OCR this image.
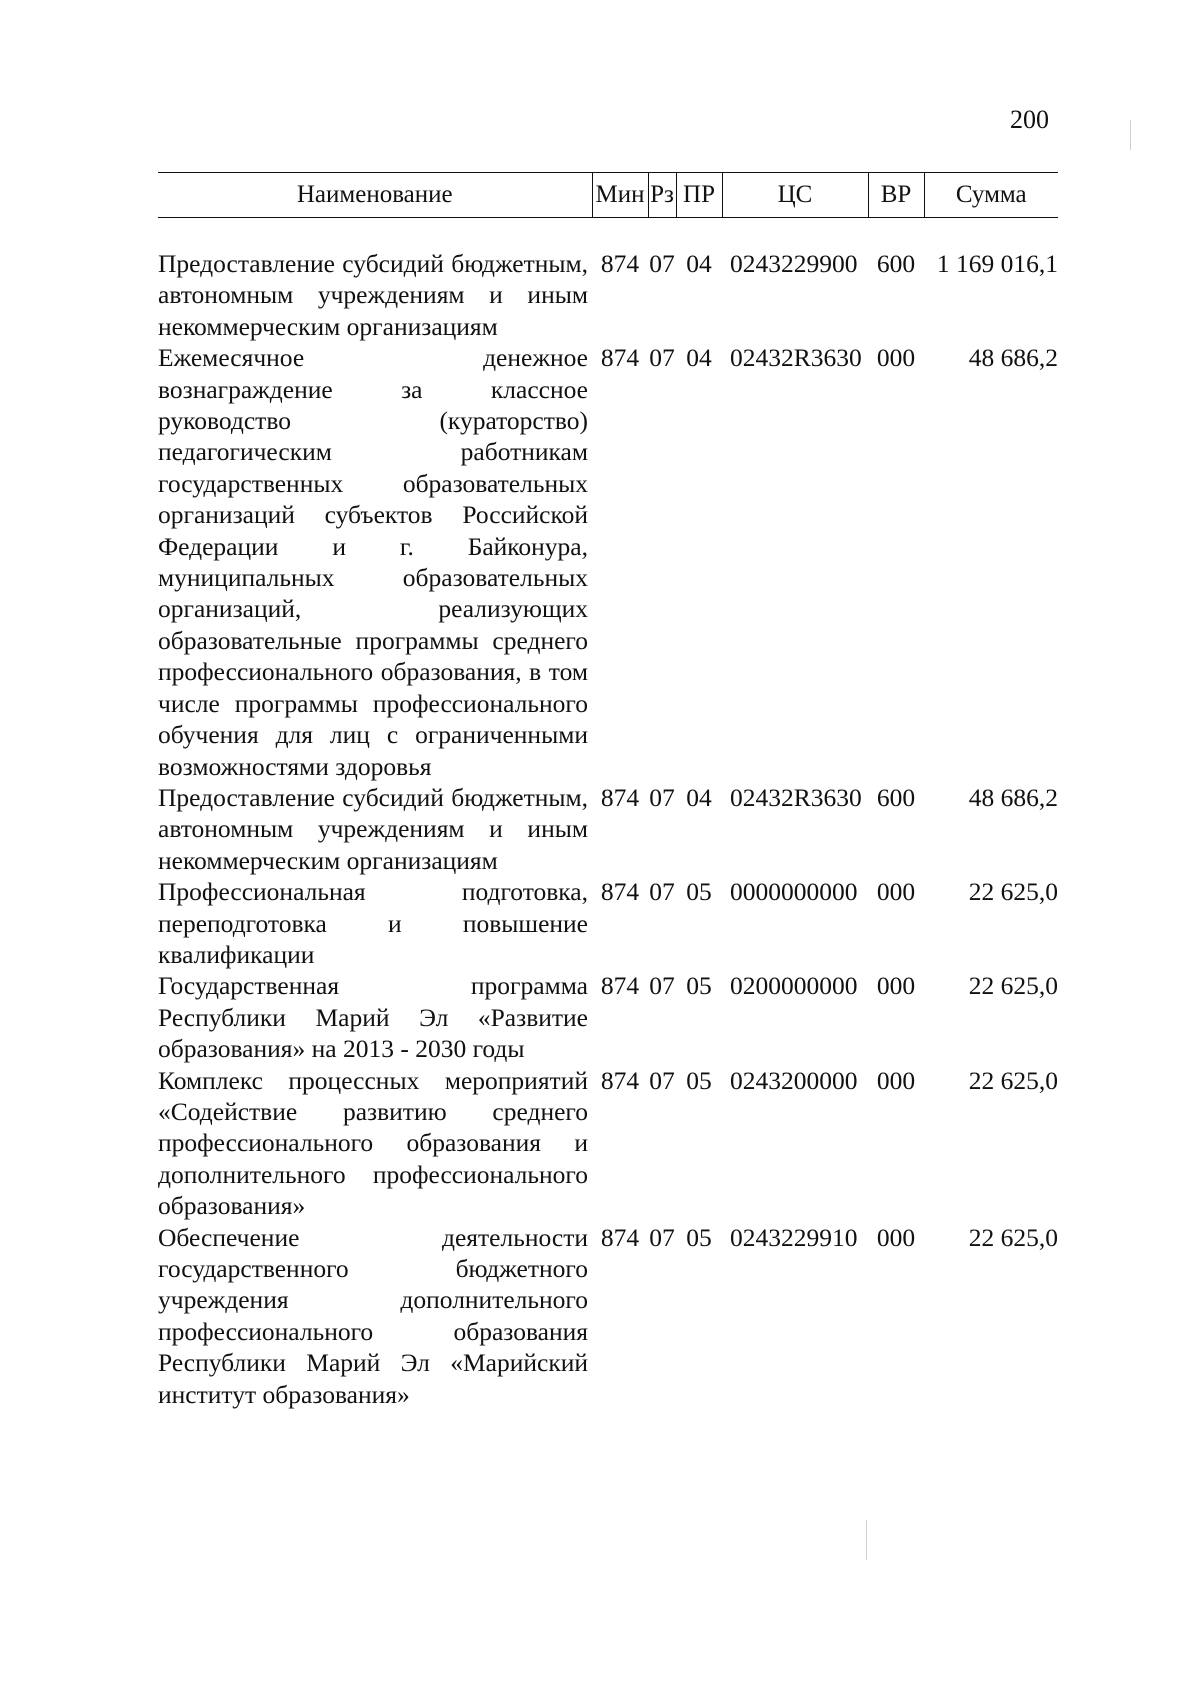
200
Наименование	Мин	Рз	ПР	ЦС	ВР	Сумма

Предоставление субсидий бюджетным, автономным учреждениям и иным некоммерческим организациям	874	07	04	0243229900	600	1 169 016,1
Ежемесячное денежное вознаграждение за классное руководство (кураторство) педагогическим работникам государственных образовательных организаций субъектов Российской Федерации и г. Байконура, муниципальных образовательных организаций, реализующих образовательные программы среднего профессионального образования, в том числе программы профессионального обучения для лиц с ограниченными возможностями здоровья	874	07	04	02432R3630	000	48 686,2
Предоставление субсидий бюджетным, автономным учреждениям и иным некоммерческим организациям	874	07	04	02432R3630	600	48 686,2
Профессиональная подготовка, переподготовка и повышение квалификации	874	07	05	0000000000	000	22 625,0
Государственная программа Республики Марий Эл «Развитие образования» на 2013 - 2030 годы	874	07	05	0200000000	000	22 625,0
Комплекс процессных мероприятий «Содействие развитию среднего профессионального образования и дополнительного профессионального образования»	874	07	05	0243200000	000	22 625,0
Обеспечение деятельности государственного бюджетного учреждения дополнительного профессионального образования Республики Марий Эл «Марийский институт образования»	874	07	05	0243229910	000	22 625,0
